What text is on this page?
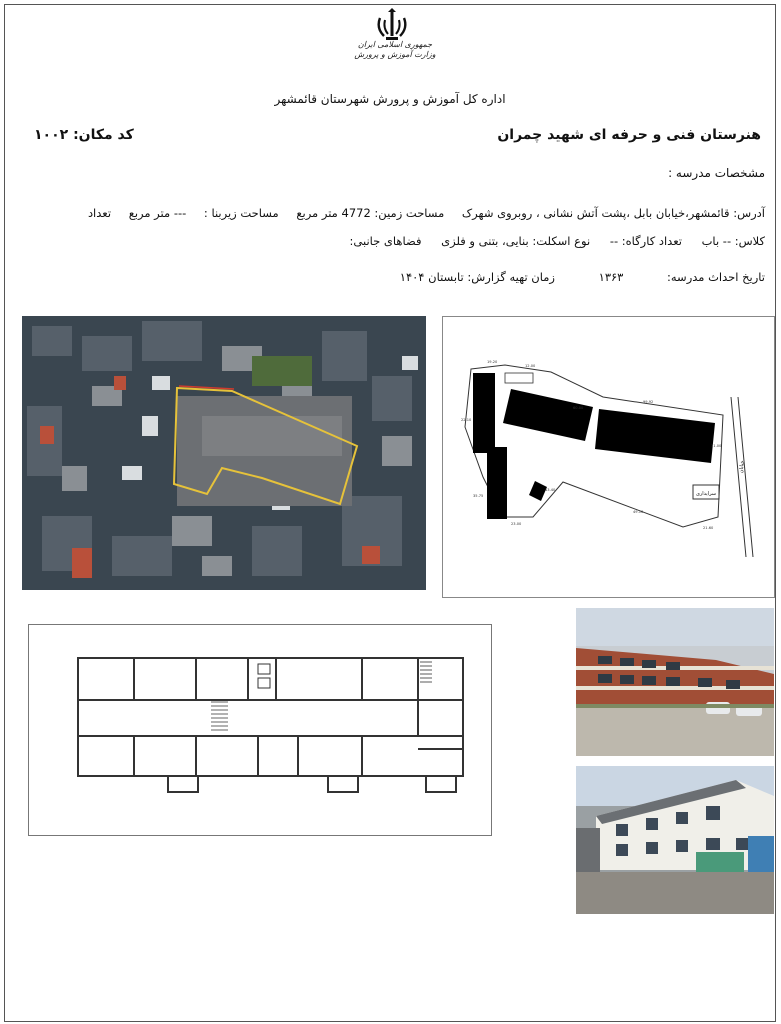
جمهوری اسلامی ایران
وزارت آموزش و پرورش
اداره کل آموزش و پرورش شهرستان قائمشهر
هنرستان فنی و حرفه ای شهید چمران
کد مکان: ۱۰۰۲
مشخصات مدرسه :
آدرس: قائمشهر،خیابان بابل ،پشت آتش نشانی ، روبروی شهرک مساحت زمین: 4772 متر مربع مساحت زیربنا : --- متر مربع تعداد
کلاس: -- باب تعداد کارگاه: -- نوع اسکلت: بنایی، بتنی و فلزی فضاهای جانبی:
تاریخ احداث مدرسه: ۱۳۶۳ زمان تهیه گزارش: تابستان ۱۴۰۴
سرایداری
خیابان
19.20
12.00
99.92
22.10
21.60
11.00
49.10
23.00
13.40
35.75
60.00
